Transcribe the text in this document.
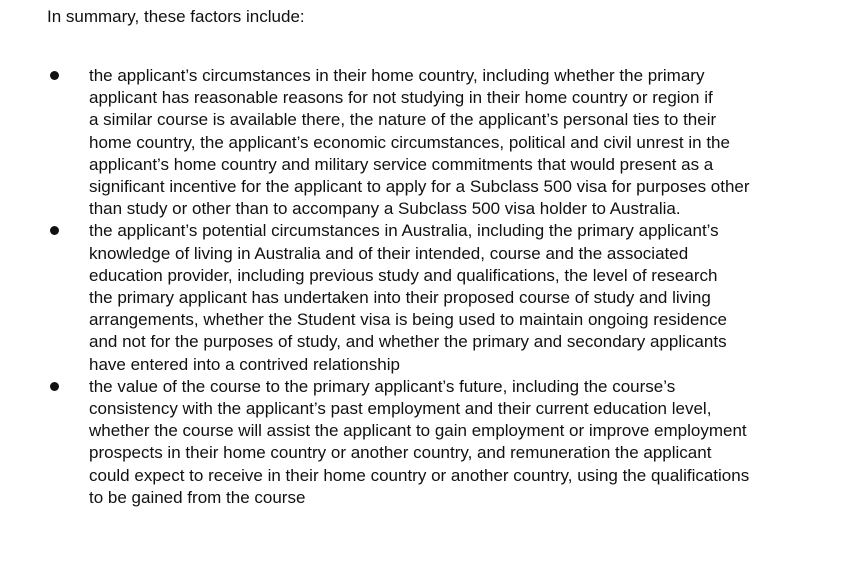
In summary, these factors include:
the applicant’s circumstances in their home country, including whether the primary
applicant has reasonable reasons for not studying in their home country or region if
a similar course is available there, the nature of the applicant’s personal ties to their
home country, the applicant’s economic circumstances, political and civil unrest in the
applicant’s home country and military service commitments that would present as a
significant incentive for the applicant to apply for a Subclass 500 visa for purposes other
than study or other than to accompany a Subclass 500 visa holder to Australia.
the applicant’s potential circumstances in Australia, including the primary applicant’s
knowledge of living in Australia and of their intended, course and the associated
education provider, including previous study and qualifications, the level of research
the primary applicant has undertaken into their proposed course of study and living
arrangements, whether the Student visa is being used to maintain ongoing residence
and not for the purposes of study, and whether the primary and secondary applicants
have entered into a contrived relationship
the value of the course to the primary applicant’s future, including the course’s
consistency with the applicant’s past employment and their current education level,
whether the course will assist the applicant to gain employment or improve employment
prospects in their home country or another country, and remuneration the applicant
could expect to receive in their home country or another country, using the qualifications
to be gained from the course
